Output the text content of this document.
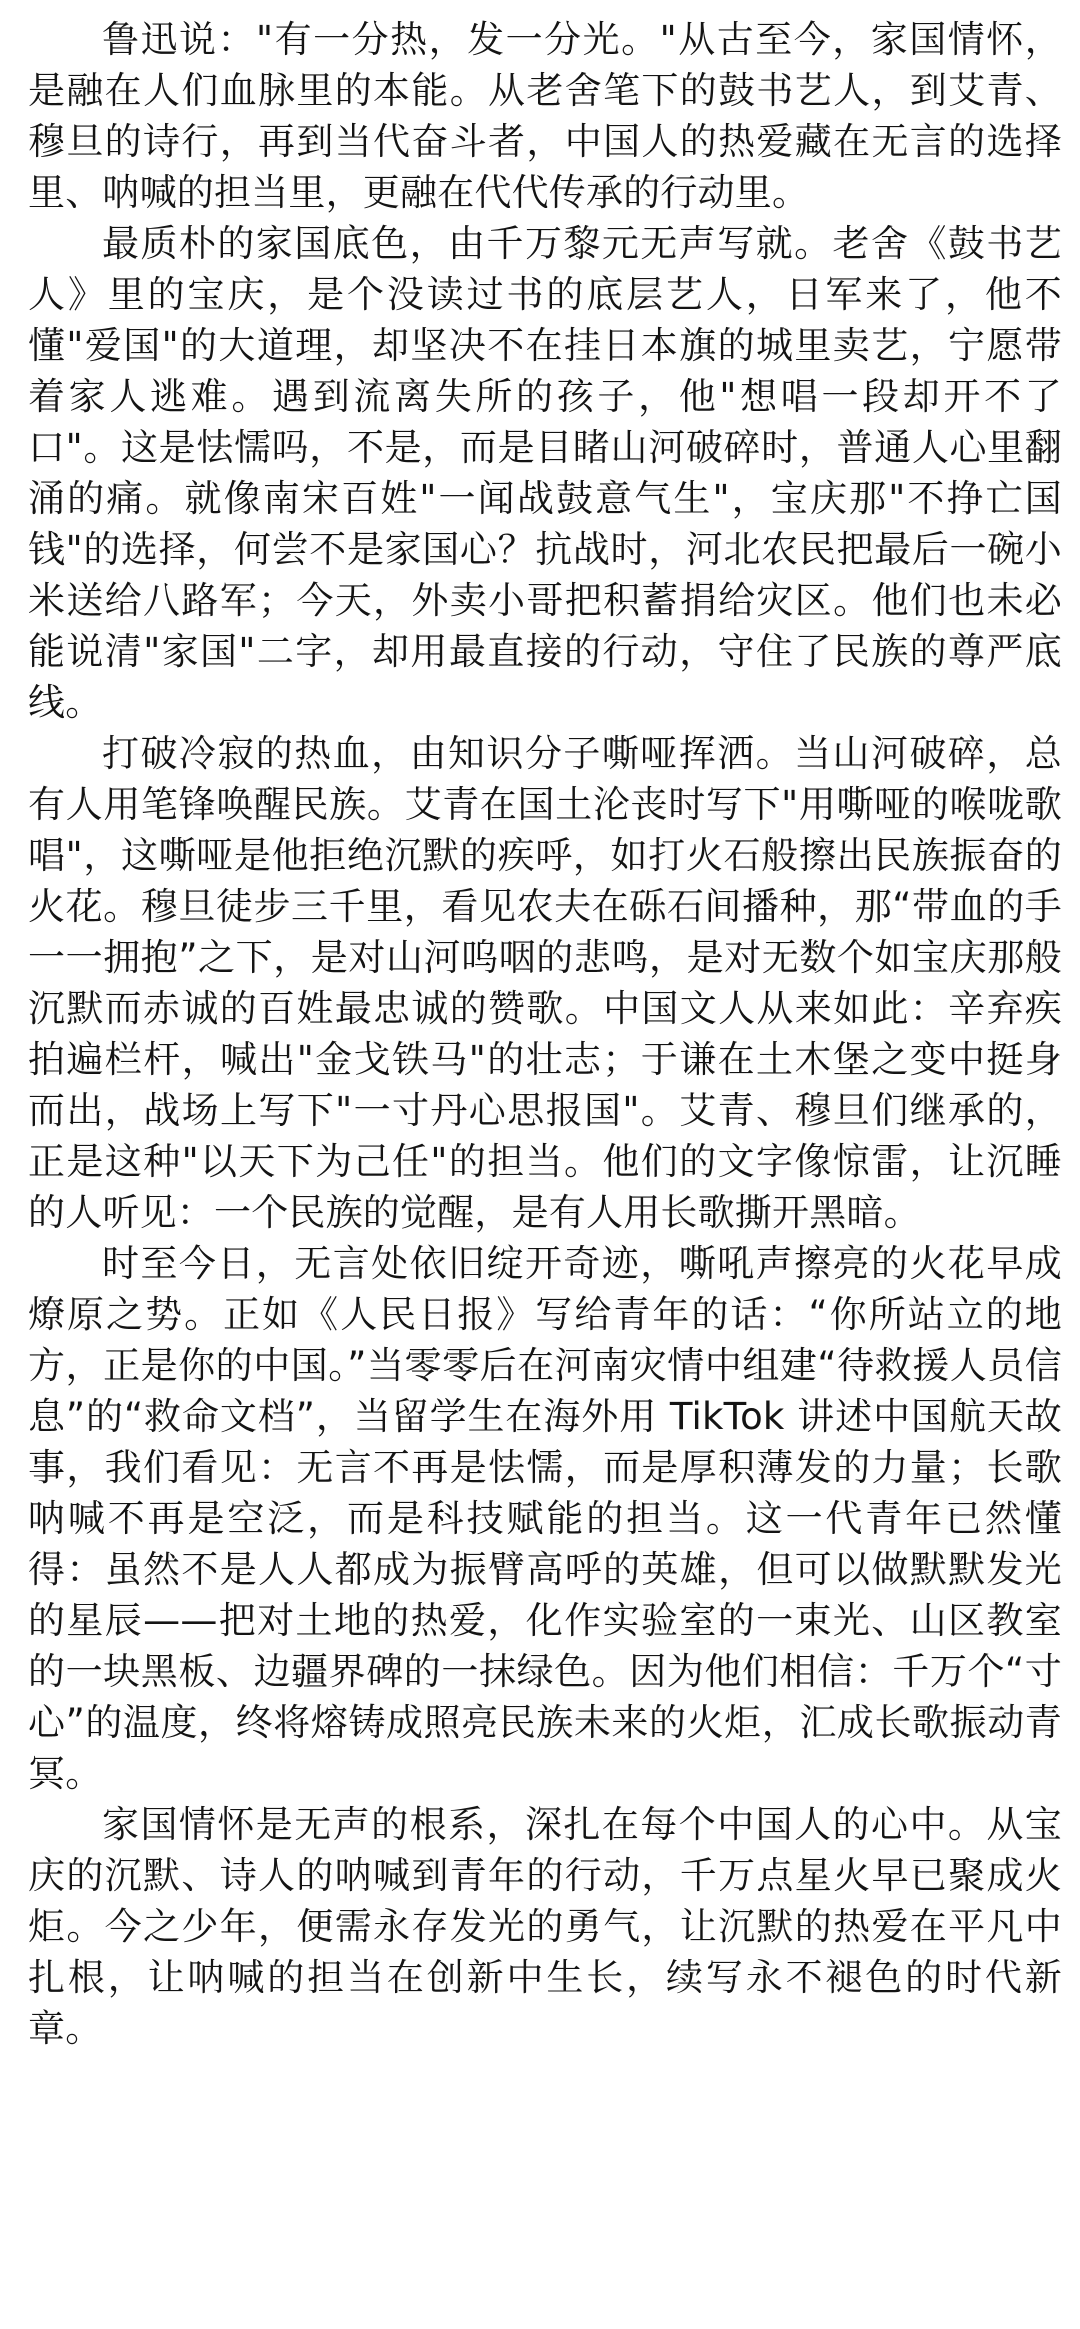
鲁迅说："有一分热，发一分光。"从古至今，家国情怀，是融在人们血脉里的本能。从老舍笔下的鼓书艺人，到艾青、穆旦的诗行，再到当代奋斗者，中国人的热爱藏在无言的选择里、呐喊的担当里，更融在代代传承的行动里。

最质朴的家国底色，由千万黎元无声写就。老舍《鼓书艺人》里的宝庆，是个没读过书的底层艺人，日军来了，他不懂"爱国"的大道理，却坚决不在挂日本旗的城里卖艺，宁愿带着家人逃难。遇到流离失所的孩子，他"想唱一段却开不了口"。这是怯懦吗，不是，而是目睹山河破碎时，普通人心里翻涌的痛。就像南宋百姓"一闻战鼓意气生"，宝庆那"不挣亡国钱"的选择，何尝不是家国心？抗战时，河北农民把最后一碗小米送给八路军；今天，外卖小哥把积蓄捐给灾区。他们也未必能说清"家国"二字，却用最直接的行动，守住了民族的尊严底线。

打破冷寂的热血，由知识分子嘶哑挥洒。当山河破碎，总有人用笔锋唤醒民族。艾青在国土沦丧时写下"用嘶哑的喉咙歌唱"，这嘶哑是他拒绝沉默的疾呼，如打火石般擦出民族振奋的火花。穆旦徒步三千里，看见农夫在砾石间播种，那“带血的手一一拥抱”之下，是对山河呜咽的悲鸣，是对无数个如宝庆那般沉默而赤诚的百姓最忠诚的赞歌。中国文人从来如此：辛弃疾拍遍栏杆，喊出"金戈铁马"的壮志；于谦在土木堡之变中挺身而出，战场上写下"一寸丹心思报国"。艾青、穆旦们继承的，正是这种"以天下为己任"的担当。他们的文字像惊雷，让沉睡的人听见：一个民族的觉醒，是有人用长歌撕开黑暗。

时至今日，无言处依旧绽开奇迹，嘶吼声擦亮的火花早成燎原之势。正如《人民日报》写给青年的话：“你所站立的地方，正是你的中国。”当零零后在河南灾情中组建“待救援人员信息”的“救命文档”，当留学生在海外用 TikTok 讲述中国航天故事，我们看见：无言不再是怯懦，而是厚积薄发的力量；长歌呐喊不再是空泛，而是科技赋能的担当。这一代青年已然懂得：虽然不是人人都成为振臂高呼的英雄，但可以做默默发光的星辰——把对土地的热爱，化作实验室的一束光、山区教室的一块黑板、边疆界碑的一抹绿色。因为他们相信：千万个“寸心”的温度，终将熔铸成照亮民族未来的火炬，汇成长歌振动青冥。

家国情怀是无声的根系，深扎在每个中国人的心中。从宝庆的沉默、诗人的呐喊到青年的行动，千万点星火早已聚成火炬。今之少年，便需永存发光的勇气，让沉默的热爱在平凡中扎根，让呐喊的担当在创新中生长，续写永不褪色的时代新章。
